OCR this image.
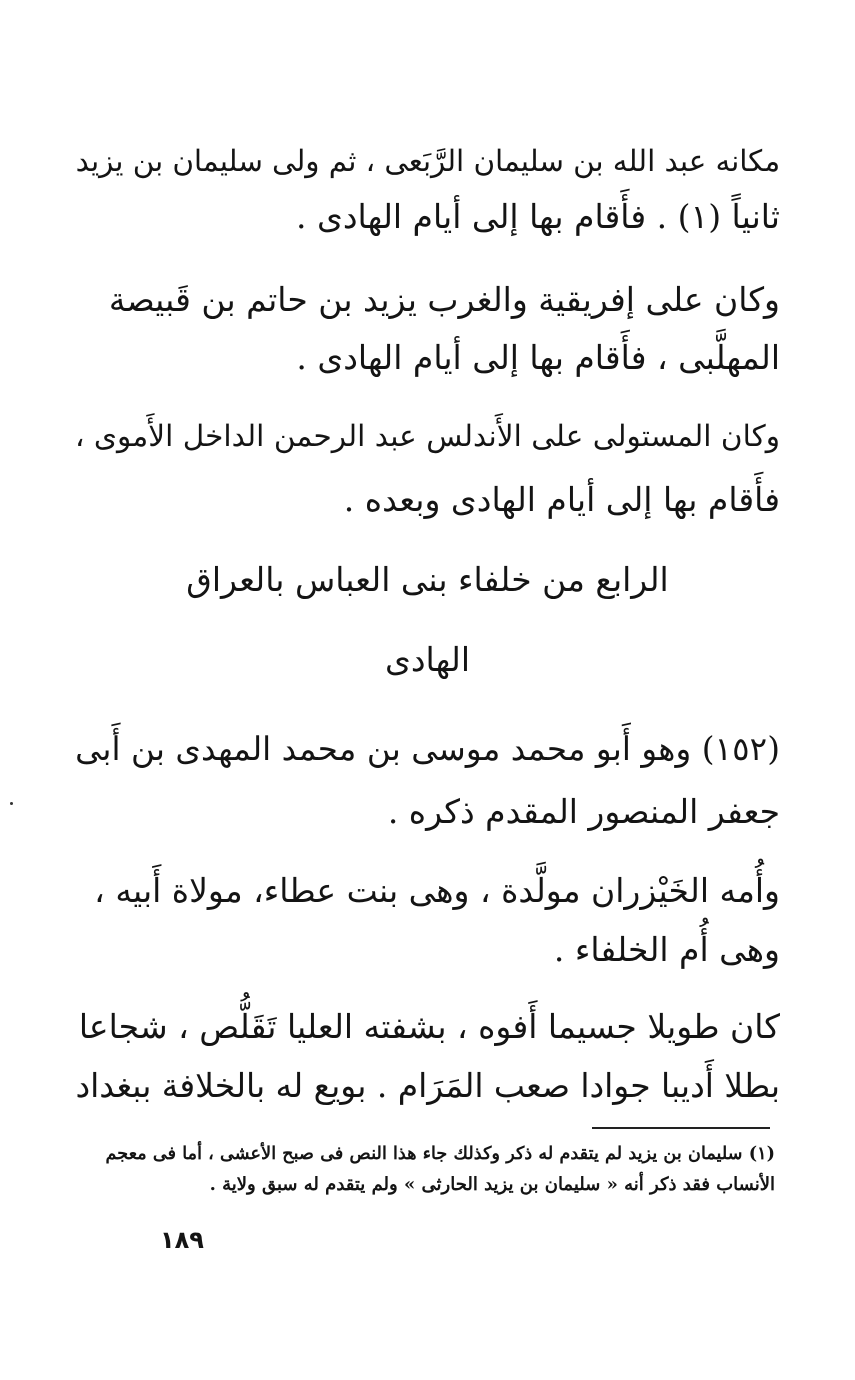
مكانه عبد الله بن سليمان الرَّبَعى ، ثم ولى سليمان بن يزيد
ثانياً (١) . فأَقام بها إلى أيام الهادى .
وكان على إفريقية والغرب يزيد بن حاتم بن قَبيصة
المهلَّبى ، فأَقام بها إلى أيام الهادى .
وكان المستولى على الأَندلس عبد الرحمن الداخل الأَموى ،
فأَقام بها إلى أيام الهادى وبعده .
الرابع من خلفاء بنى العباس بالعراق
الهادى
(١٥٢) وهو أَبو محمد موسى بن محمد المهدى بن أَبى
جعفر المنصور المقدم ذكره .
وأُمه الخَيْزران مولَّدة ، وهى بنت عطاء، مولاة أَبيه ،
وهى أُم الخلفاء .
كان طويلا جسيما أَفوه ، بشفته العليا تَقَلُّص ، شجاعا
بطلا أَديبا جوادا صعب المَرَام . بويع له بالخلافة ببغداد
(١) سليمان بن يزيد لم يتقدم له ذكر وكذلك جاء هذا النص فى صبح الأعشى ، أما فى معجم
الأنساب فقد ذكر أنه « سليمان بن يزيد الحارثى » ولم يتقدم له سبق ولاية .
١٨٩
